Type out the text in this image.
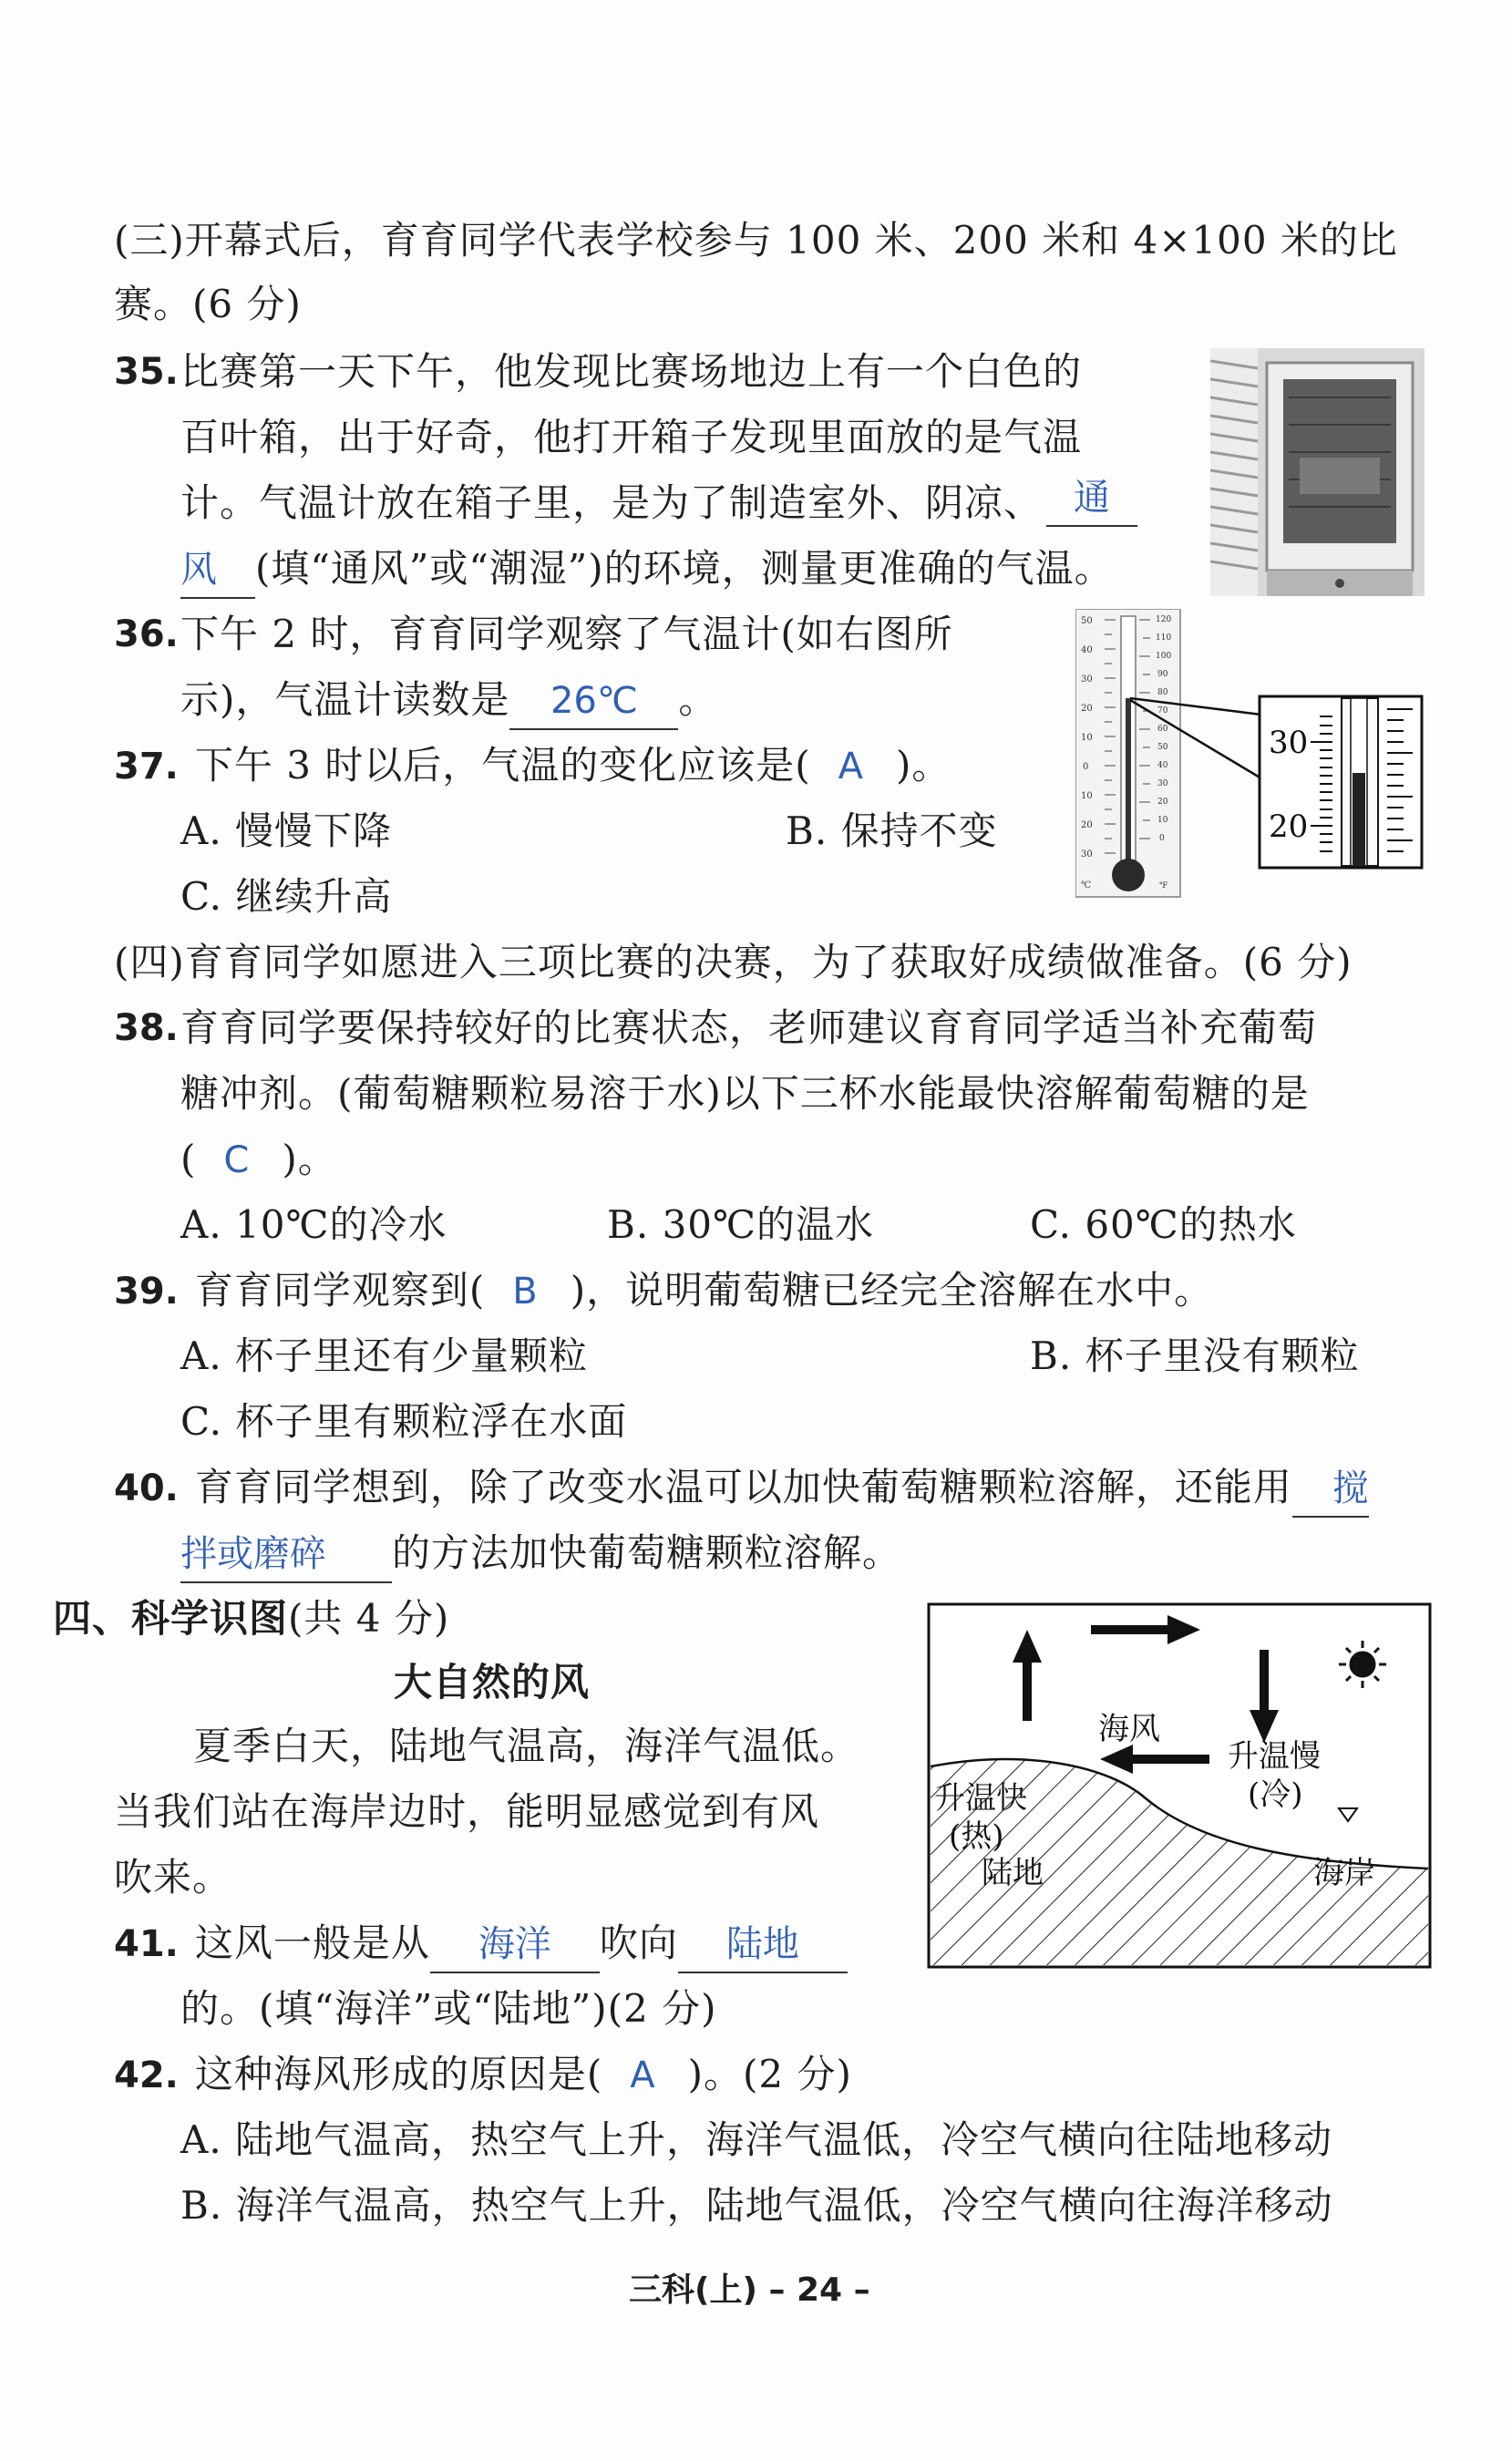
(三)开幕式后，育育同学代表学校参与 100 米、200 米和 4×100 米的比
赛。(6 分)
35. 比赛第一天下午，他发现比赛场地边上有一个白色的
百叶箱，出于好奇，他打开箱子发现里面放的是气温
计。气温计放在箱子里，是为了制造室外、阴凉、 通
风 (填“通风”或“潮湿”)的环境，测量更准确的气温。
36. 下午 2 时，育育同学观察了气温计(如右图所
示)，气温计读数是 26℃ 。
50
40
30
20
10
0
10
20
30
℃
120
110
100
90
80
70
60
50
40
30
20
10
0
℉
30
20
37. 下午 3 时以后，气温的变化应该是( A )。
A. 慢慢下降	B. 保持不变
C. 继续升高
(四)育育同学如愿进入三项比赛的决赛，为了获取好成绩做准备。(6 分)
38. 育育同学要保持较好的比赛状态，老师建议育育同学适当补充葡萄
糖冲剂。(葡萄糖颗粒易溶于水)以下三杯水能最快溶解葡萄糖的是
( C )。
A. 10℃的冷水	B. 30℃的温水	C. 60℃的热水
39. 育育同学观察到( B )，说明葡萄糖已经完全溶解在水中。
A. 杯子里还有少量颗粒	B. 杯子里没有颗粒
C. 杯子里有颗粒浮在水面
40. 育育同学想到，除了改变水温可以加快葡萄糖颗粒溶解，还能用 搅
拌或磨碎 的方法加快葡萄糖颗粒溶解。
四、科学识图(共 4 分)
大自然的风
夏季白天，陆地气温高，海洋气温低。
当我们站在海岸边时，能明显感觉到有风
吹来。
海风
升温慢
(冷)
升温快
(热)
陆地	海岸
41. 这风一般是从 海洋 吹向 陆地
的。(填“海洋”或“陆地”)(2 分)
42. 这种海风形成的原因是( A )。(2 分)
A. 陆地气温高，热空气上升，海洋气温低，冷空气横向往陆地移动
B. 海洋气温高，热空气上升，陆地气温低，冷空气横向往海洋移动
三科(上) – 24 –
